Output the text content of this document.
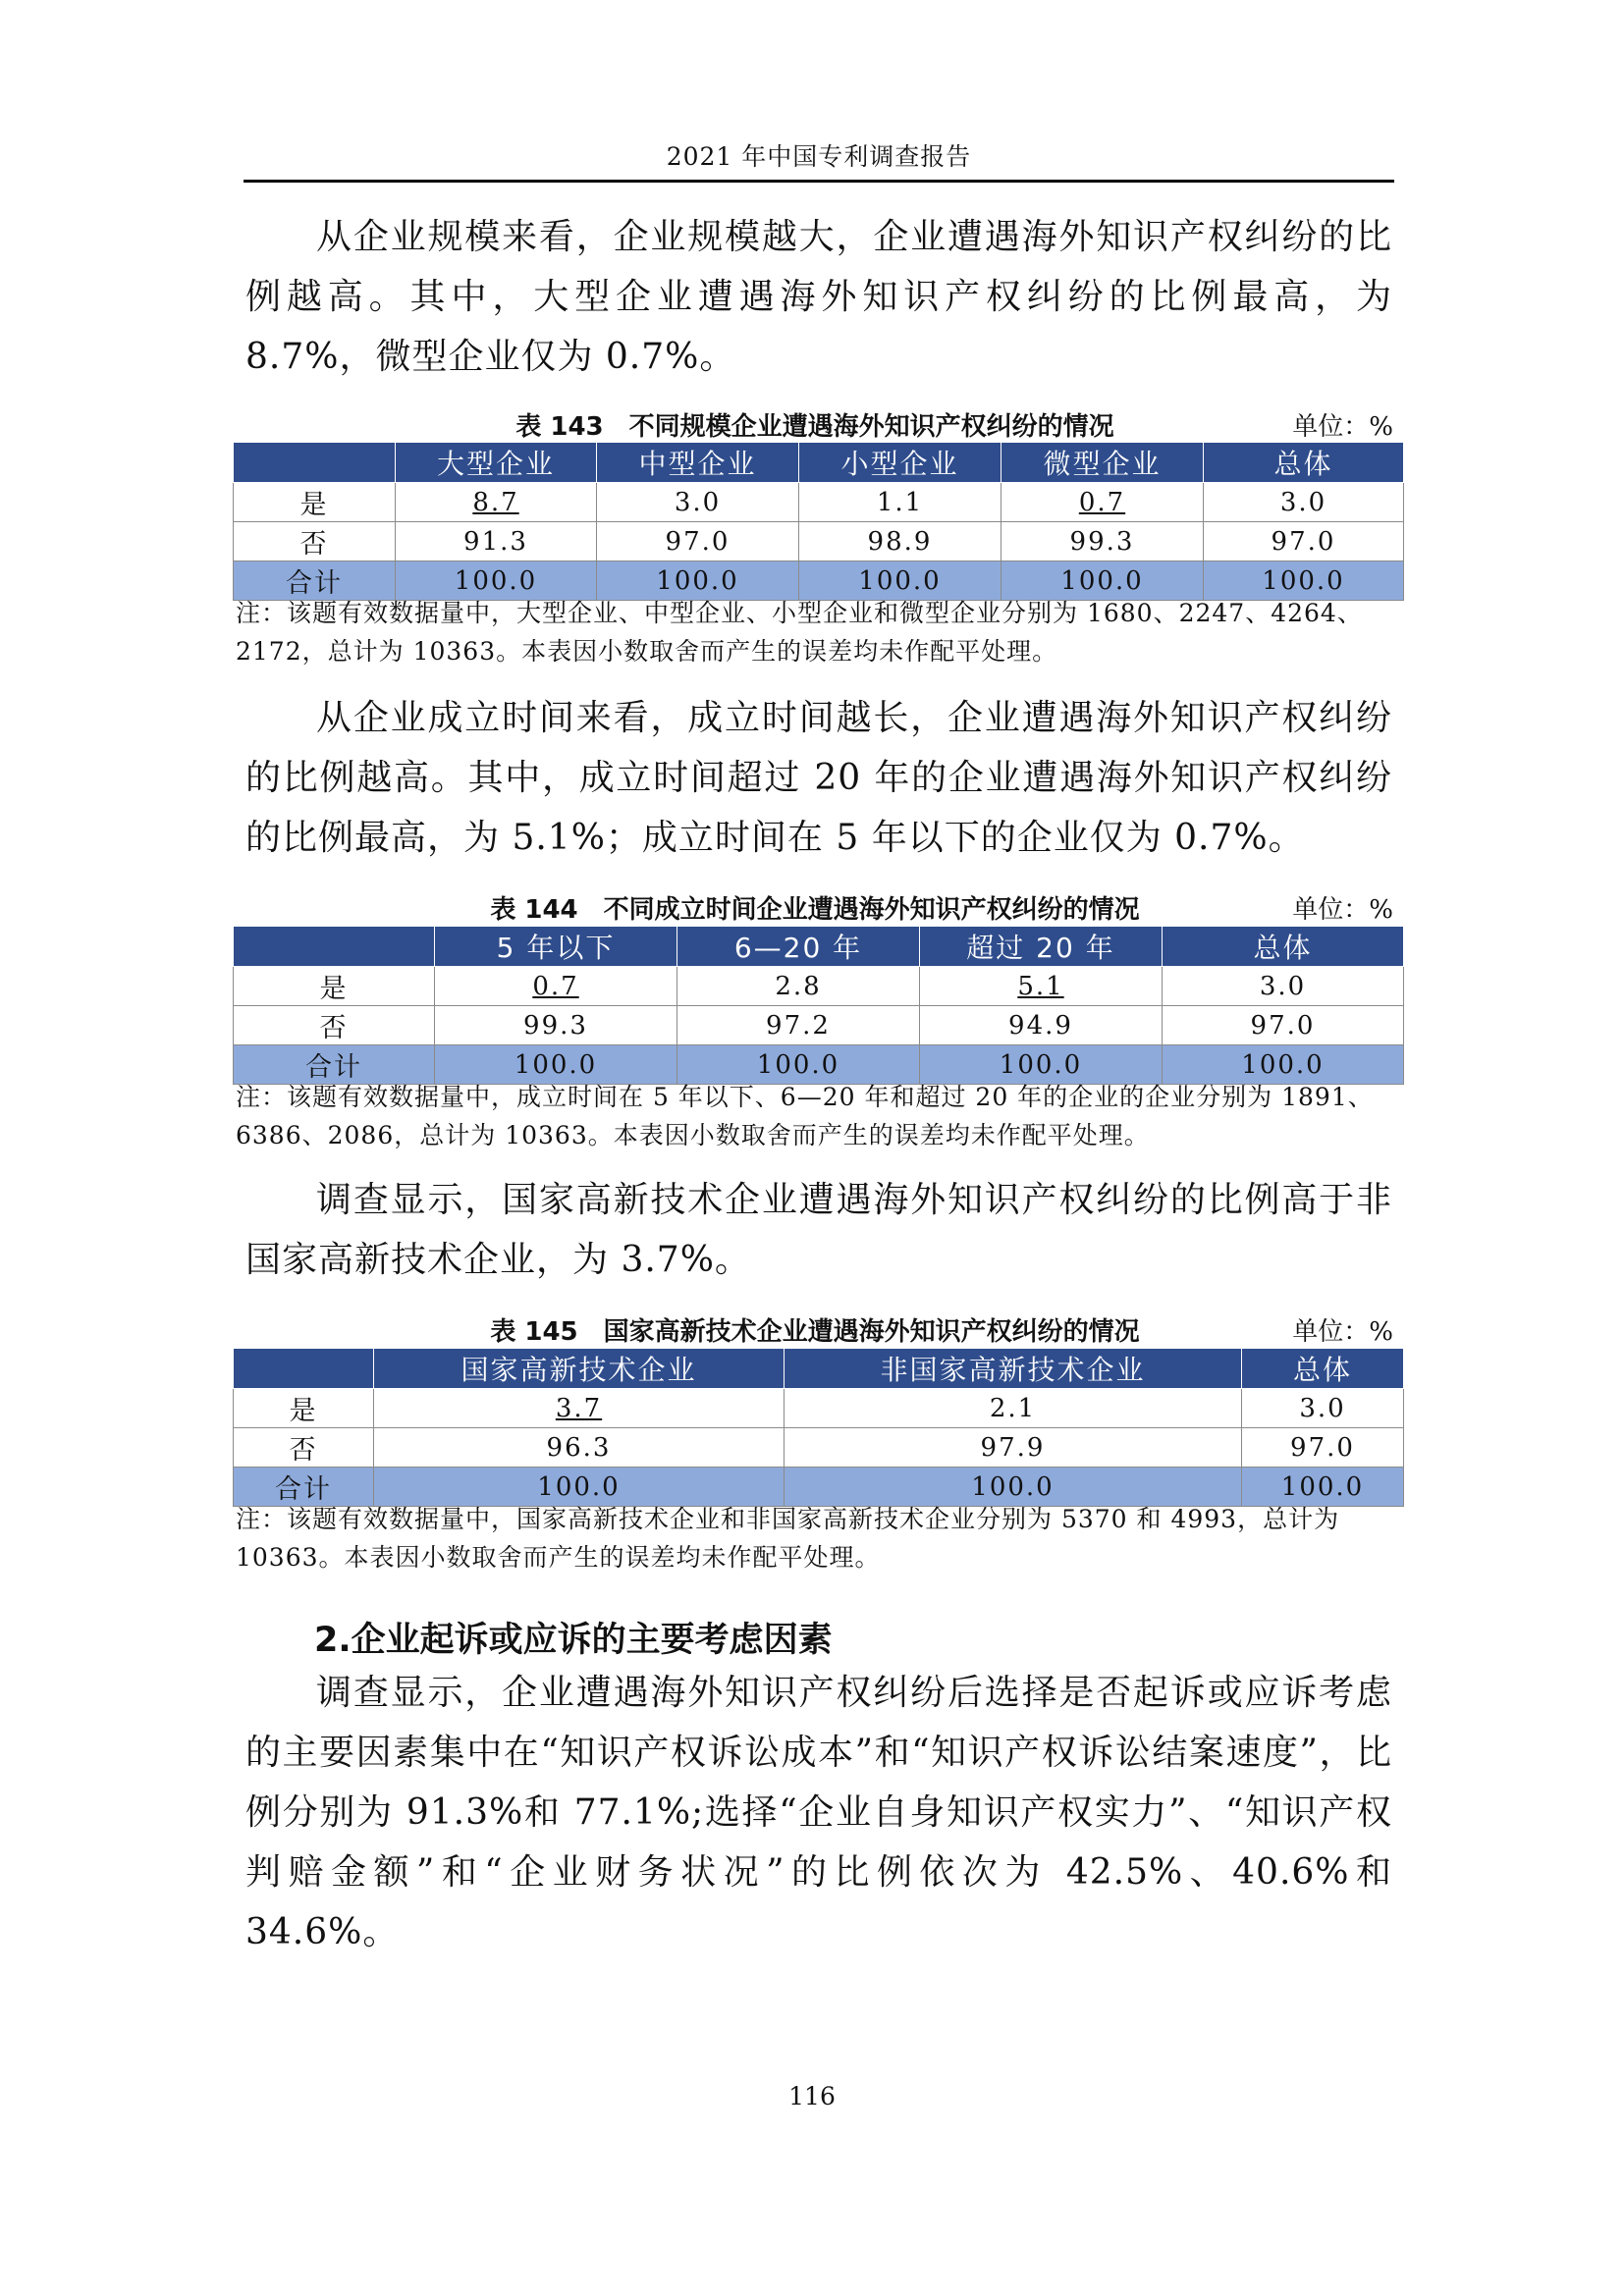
2021 年中国专利调查报告

从企业规模来看，企业规模越大，企业遭遇海外知识产权纠纷的比例越高。其中，大型企业遭遇海外知识产权纠纷的比例最高，为 8.7%，微型企业仅为 0.7%。

表 143　不同规模企业遭遇海外知识产权纠纷的情况	单位：%
	大型企业	中型企业	小型企业	微型企业	总体
是	8.7	3.0	1.1	0.7	3.0
否	91.3	97.0	98.9	99.3	97.0
合计	100.0	100.0	100.0	100.0	100.0

注：该题有效数据量中，大型企业、中型企业、小型企业和微型企业分别为 1680、2247、4264、2172，总计为 10363。本表因小数取舍而产生的误差均未作配平处理。

从企业成立时间来看，成立时间越长，企业遭遇海外知识产权纠纷的比例越高。其中，成立时间超过 20 年的企业遭遇海外知识产权纠纷的比例最高，为 5.1%；成立时间在 5 年以下的企业仅为 0.7%。

表 144　不同成立时间企业遭遇海外知识产权纠纷的情况	单位：%
	5 年以下	6—20 年	超过 20 年	总体
是	0.7	2.8	5.1	3.0
否	99.3	97.2	94.9	97.0
合计	100.0	100.0	100.0	100.0

注：该题有效数据量中，成立时间在 5 年以下、6—20 年和超过 20 年的企业的企业分别为 1891、6386、2086，总计为 10363。本表因小数取舍而产生的误差均未作配平处理。

调查显示，国家高新技术企业遭遇海外知识产权纠纷的比例高于非国家高新技术企业，为 3.7%。

表 145　国家高新技术企业遭遇海外知识产权纠纷的情况	单位：%
	国家高新技术企业	非国家高新技术企业	总体
是	3.7	2.1	3.0
否	96.3	97.9	97.0
合计	100.0	100.0	100.0

注：该题有效数据量中，国家高新技术企业和非国家高新技术企业分别为 5370 和 4993，总计为 10363。本表因小数取舍而产生的误差均未作配平处理。

2.企业起诉或应诉的主要考虑因素

调查显示，企业遭遇海外知识产权纠纷后选择是否起诉或应诉考虑的主要因素集中在“知识产权诉讼成本”和“知识产权诉讼结案速度”，比例分别为 91.3%和 77.1%;选择“企业自身知识产权实力”、“知识产权判赔金额”和“企业财务状况”的比例依次为 42.5%、40.6%和 34.6%。

116
